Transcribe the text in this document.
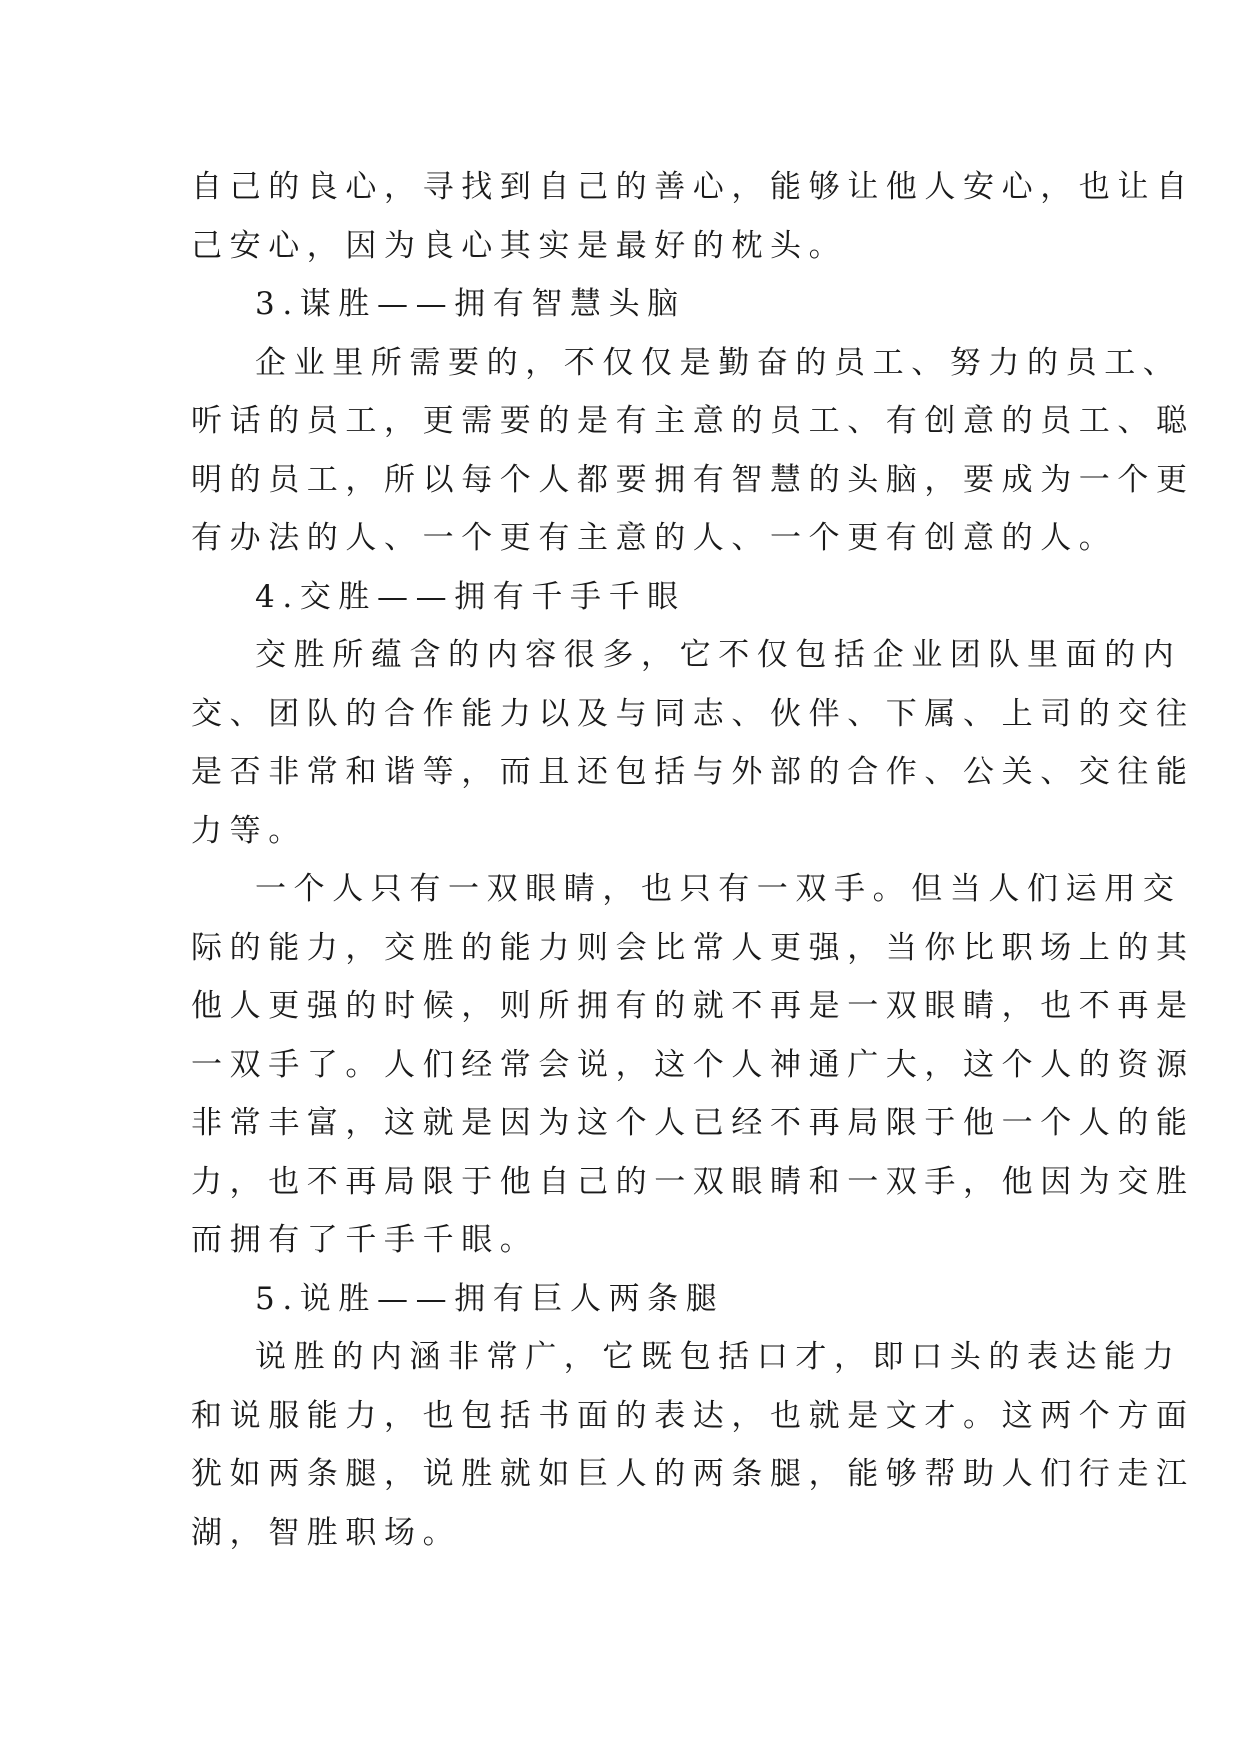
自己的良心，寻找到自己的善心，能够让他人安心，也让自
己安心，因为良心其实是最好的枕头。
3.谋胜——拥有智慧头脑
企业里所需要的，不仅仅是勤奋的员工、努力的员工、
听话的员工，更需要的是有主意的员工、有创意的员工、聪
明的员工，所以每个人都要拥有智慧的头脑，要成为一个更
有办法的人、一个更有主意的人、一个更有创意的人。
4.交胜——拥有千手千眼
交胜所蕴含的内容很多，它不仅包括企业团队里面的内
交、团队的合作能力以及与同志、伙伴、下属、上司的交往
是否非常和谐等，而且还包括与外部的合作、公关、交往能
力等。
一个人只有一双眼睛，也只有一双手。但当人们运用交
际的能力，交胜的能力则会比常人更强，当你比职场上的其
他人更强的时候，则所拥有的就不再是一双眼睛，也不再是
一双手了。人们经常会说，这个人神通广大，这个人的资源
非常丰富，这就是因为这个人已经不再局限于他一个人的能
力，也不再局限于他自己的一双眼睛和一双手，他因为交胜
而拥有了千手千眼。
5.说胜——拥有巨人两条腿
说胜的内涵非常广，它既包括口才，即口头的表达能力
和说服能力，也包括书面的表达，也就是文才。这两个方面
犹如两条腿，说胜就如巨人的两条腿，能够帮助人们行走江
湖，智胜职场。
